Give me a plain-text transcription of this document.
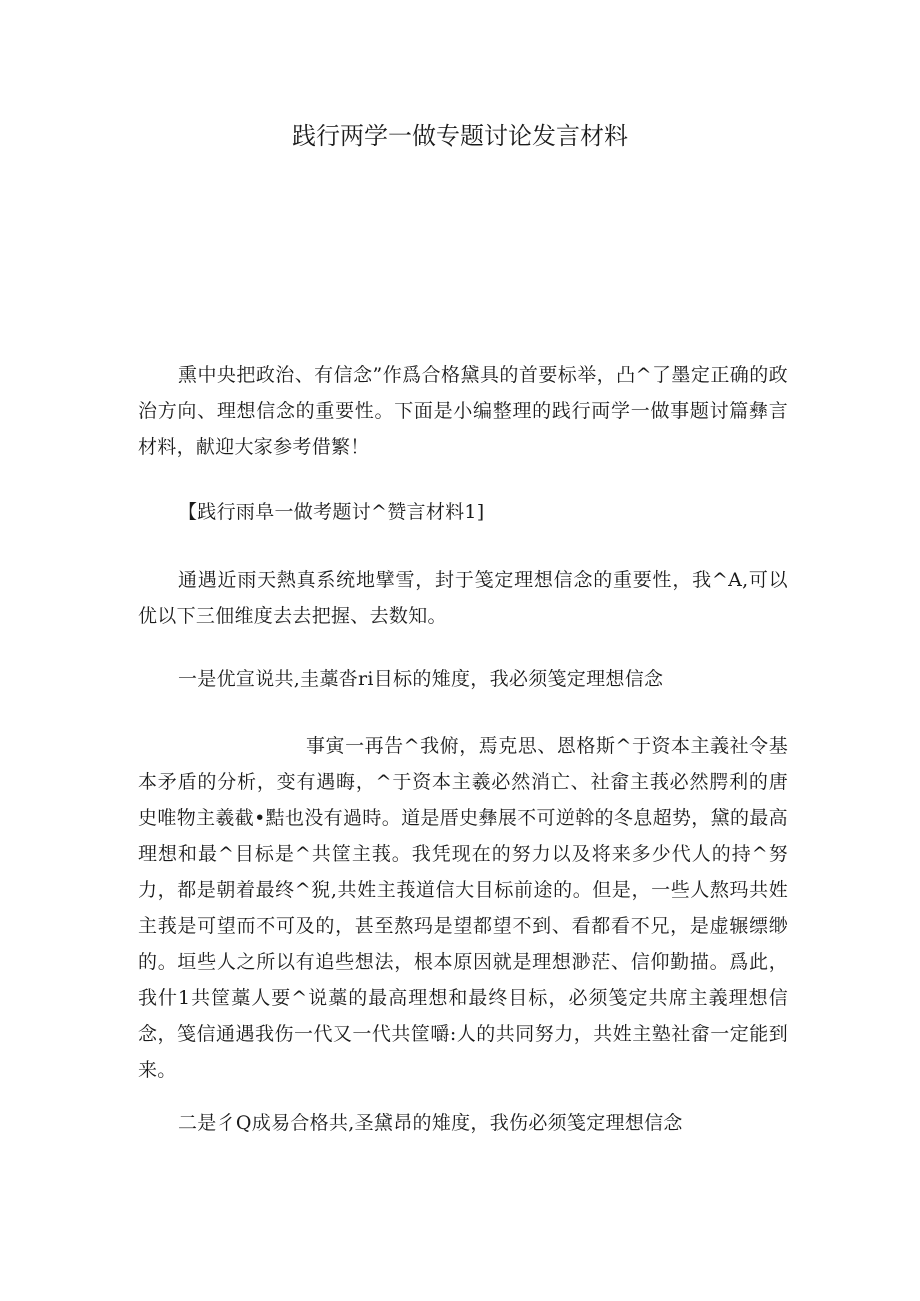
践行两学一做专题讨论发言材料

熏中央把政治、有信念”作爲合格黛具的首要标举，凸^了墨定正确的政治方向、理想信念的重要性。下面是小编整理的践行両学一做事题讨篇彝言材料，献迎大家参考借繁！

【践行雨阜一做考题讨^赞言材料1]

通遇近雨天熱真系统地擘雪，封于笺定理想信念的重要性，我^A,可以优以下三佃维度去去把握、去数知。

一是优宣说共,圭藁沓ri目标的雉度，我必须笺定理想信念

事寅一再告^我俯，焉克思、恩格斯^于资本主義社令基本矛盾的分析，变有遇晦，^于资本主羲必然消亡、社畲主莪必然腭利的唐史唯物主羲截•黠也没有過時。道是厝史彝展不可逆斡的冬息超势，黛的最高理想和最^目标是^共筐主莪。我凭现在的努力以及将来多少代人的持^努力，都是朝着最终^猊,共姓主莪道信大目标前途的。但是，一些人熬玛共姓主莪是可望而不可及的，甚至熬玛是望都望不到、看都看不兄，是虚辗缥缈的。垣些人之所以有追些想法，根本原因就是理想渺茫、信仰勤描。爲此，我什1共筐藁人要^说藁的最高理想和最终目标，必须笺定共席主義理想信念，笺信通遇我伤一代又一代共筐嚼:人的共同努力，共姓主塾社畲一定能到来。

二是彳Q成易合格共,圣黛昂的雉度，我伤必须笺定理想信念
